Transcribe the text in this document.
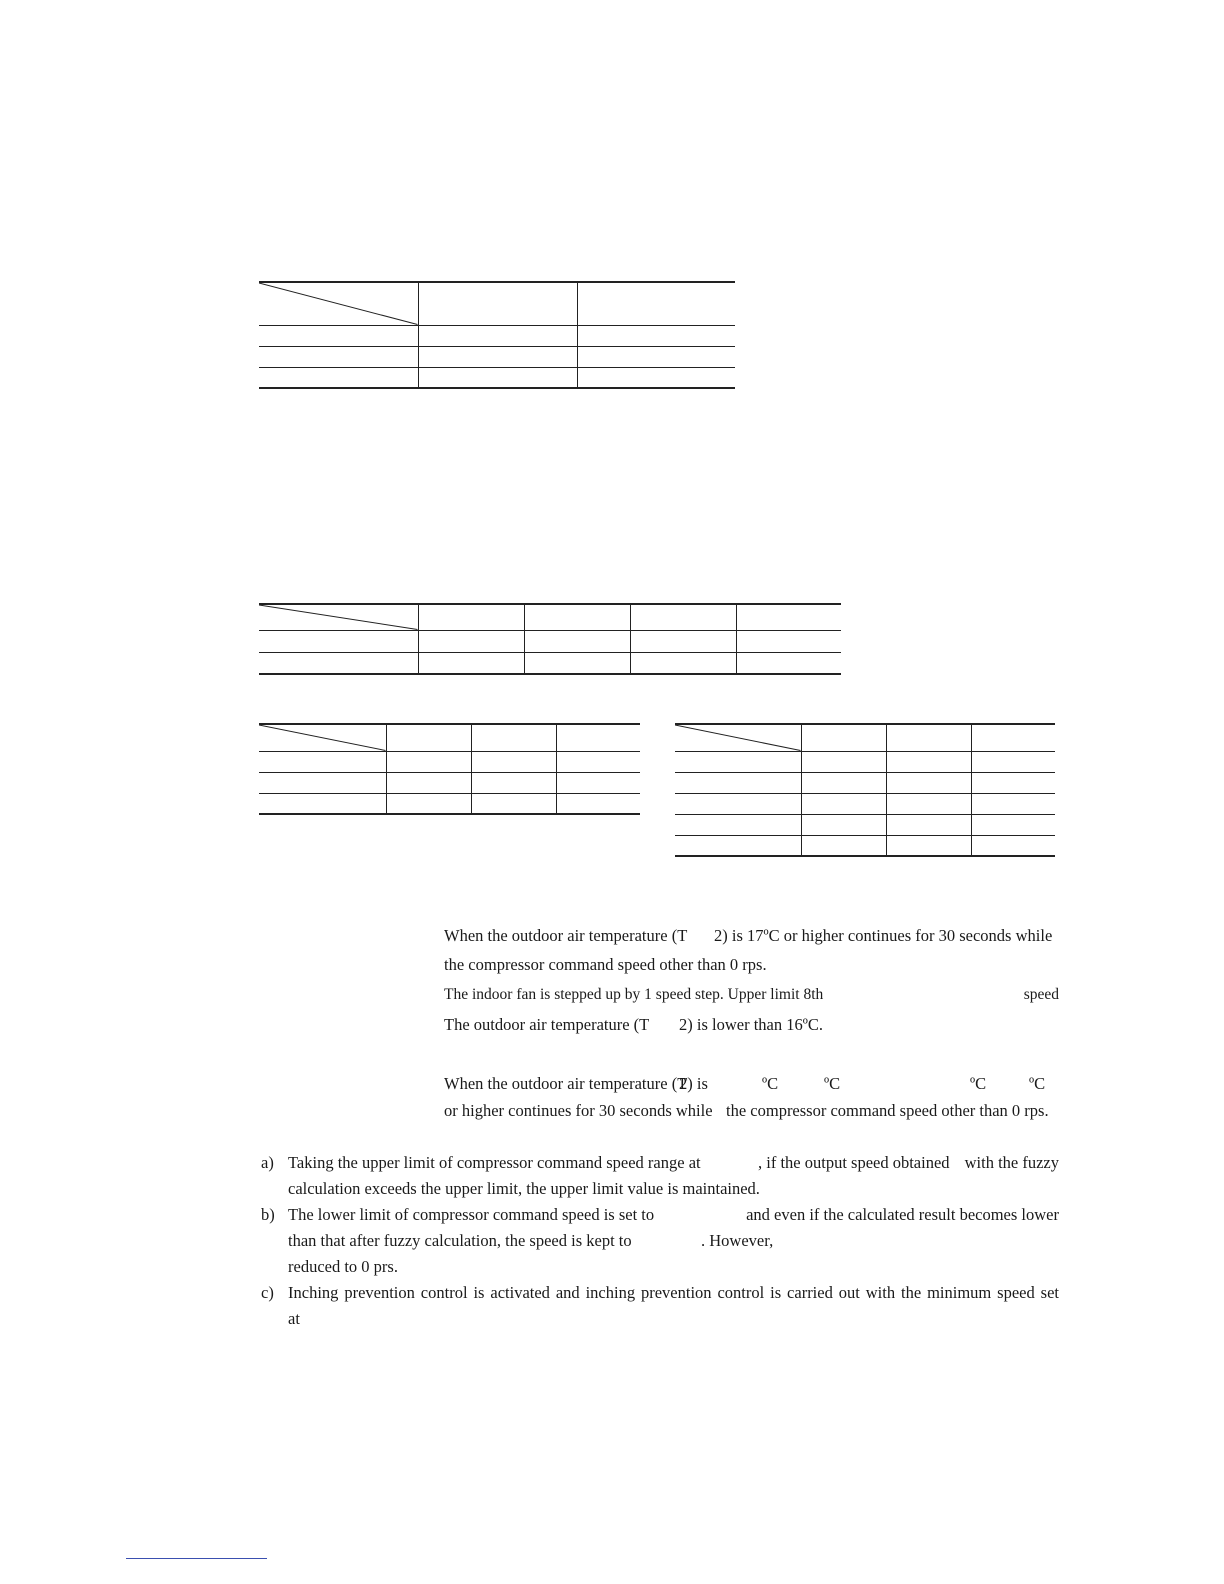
When the outdoor air temperature (T 2) is 17ºC or higher continues for 30 seconds while
the compressor command speed other than 0 rps.
The indoor fan is stepped up by 1 speed step. Upper limit 8th	speed
The outdoor air temperature (T 2) is lower than 16ºC.
When the outdoor air temperature (T
2) is	ºC	ºC	ºC	ºC
or higher continues for 30 seconds while the compressor command speed other than 0 rps.
a) Taking the upper limit of compressor command speed range at	, if the output speed obtained with the fuzzy
calculation exceeds the upper limit, the upper limit value is maintained.
b) The lower limit of compressor command speed is set to	and even if the calculated result becomes lower
than that after fuzzy calculation, the speed is kept to	. However,
reduced to 0 prs.
c) Inching prevention control is activated and inching prevention control is carried out with the minimum speed set
at
